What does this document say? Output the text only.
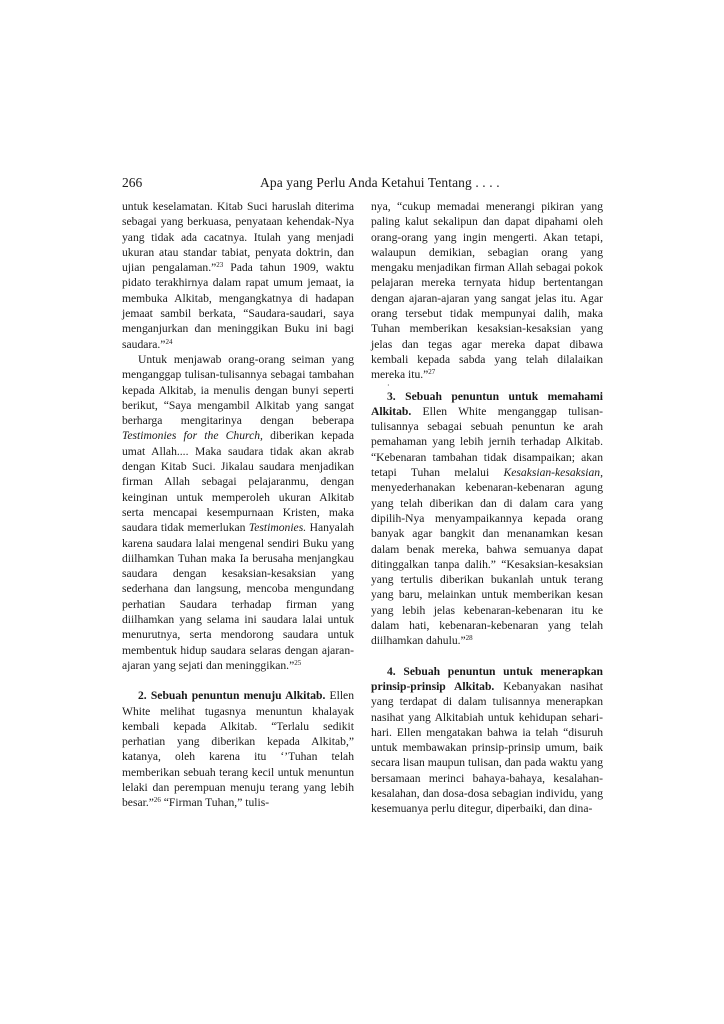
266	Apa yang Perlu Anda Ketahui Tentang . . . .

untuk keselamatan. Kitab Suci haruslah diterima sebagai yang berkuasa, penyataan kehendak-Nya yang tidak ada cacatnya. Itulah yang menjadi ukuran atau standar tabiat, penyata doktrin, dan ujian pengalaman.”$^{23}$ Pada tahun 1909, waktu pidato terakhirnya dalam rapat umum jemaat, ia membuka Alkitab, mengangkatnya di hadapan jemaat sambil berkata, “Saudara-saudari, saya menganjurkan dan meninggikan Buku ini bagi saudara.”$^{24}$

Untuk menjawab orang-orang seiman yang menganggap tulisan-tulisannya sebagai tambahan kepada Alkitab, ia menulis dengan bunyi seperti berikut, “Saya mengambil Alkitab yang sangat berharga mengitarinya dengan beberapa Testimonies for the Church, diberikan kepada umat Allah.... Maka saudara tidak akan akrab dengan Kitab Suci. Jikalau saudara menjadikan firman Allah sebagai pelajaranmu, dengan keinginan untuk memperoleh ukuran Alkitab serta mencapai kesempurnaan Kristen, maka saudara tidak memerlukan Testimonies. Hanyalah karena saudara lalai mengenal sendiri Buku yang diilhamkan Tuhan maka Ia berusaha menjangkau saudara dengan kesaksian-kesaksian yang sederhana dan langsung, mencoba mengundang perhatian Saudara terhadap firman yang diilhamkan yang selama ini saudara lalai untuk menurutnya, serta mendorong saudara untuk membentuk hidup saudara selaras dengan ajaran-ajaran yang sejati dan meninggikan.”$^{25}$

2. Sebuah penuntun menuju Alkitab. Ellen White melihat tugasnya menuntun khalayak kembali kepada Alkitab. “Terlalu sedikit perhatian yang diberikan kepada Alkitab,” katanya, oleh karena itu ‘’Tuhan telah memberikan sebuah terang kecil untuk menuntun lelaki dan perempuan menuju terang yang lebih besar.”$^{26}$ “Firman Tuhan,” tulis-

nya, “cukup memadai menerangi pikiran yang paling kalut sekalipun dan dapat dipahami oleh orang-orang yang ingin mengerti. Akan tetapi, walaupun demikian, sebagian orang yang mengaku menjadikan firman Allah sebagai pokok pelajaran mereka ternyata hidup bertentangan dengan ajaran-ajaran yang sangat jelas itu. Agar orang tersebut tidak mempunyai dalih, maka Tuhan memberikan kesaksian-kesaksian yang jelas dan tegas agar mereka dapat dibawa kembali kepada sabda yang telah dilalaikan mereka itu.”$^{27}$

·

3. Sebuah penuntun untuk memahami Alkitab. Ellen White menganggap tulisan-tulisannya sebagai sebuah penuntun ke arah pemahaman yang lebih jernih terhadap Alkitab. “Kebenaran tambahan tidak disampaikan; akan tetapi Tuhan melalui Kesaksian-kesaksian, menyederhanakan kebenaran-kebenaran agung yang telah diberikan dan di dalam cara yang dipilih-Nya menyampaikannya kepada orang banyak agar bangkit dan menanamkan kesan dalam benak mereka, bahwa semuanya dapat ditinggalkan tanpa dalih.” “Kesaksian-kesaksian yang tertulis diberikan bukanlah untuk terang yang baru, melainkan untuk memberikan kesan yang lebih jelas kebenaran-kebenaran itu ke dalam hati, kebenaran-kebenaran yang telah diilhamkan dahulu.”$^{28}$

4. Sebuah penuntun untuk menerapkan prinsip-prinsip Alkitab. Kebanyakan nasihat yang terdapat di dalam tulisannya menerapkan nasihat yang Alkitabiah untuk kehidupan sehari-hari. Ellen mengatakan bahwa ia telah “disuruh untuk membawakan prinsip-prinsip umum, baik secara lisan maupun tulisan, dan pada waktu yang bersamaan merinci bahaya-bahaya, kesalahan-kesalahan, dan dosa-dosa sebagian individu, yang kesemuanya perlu ditegur, diperbaiki, dan dina-
